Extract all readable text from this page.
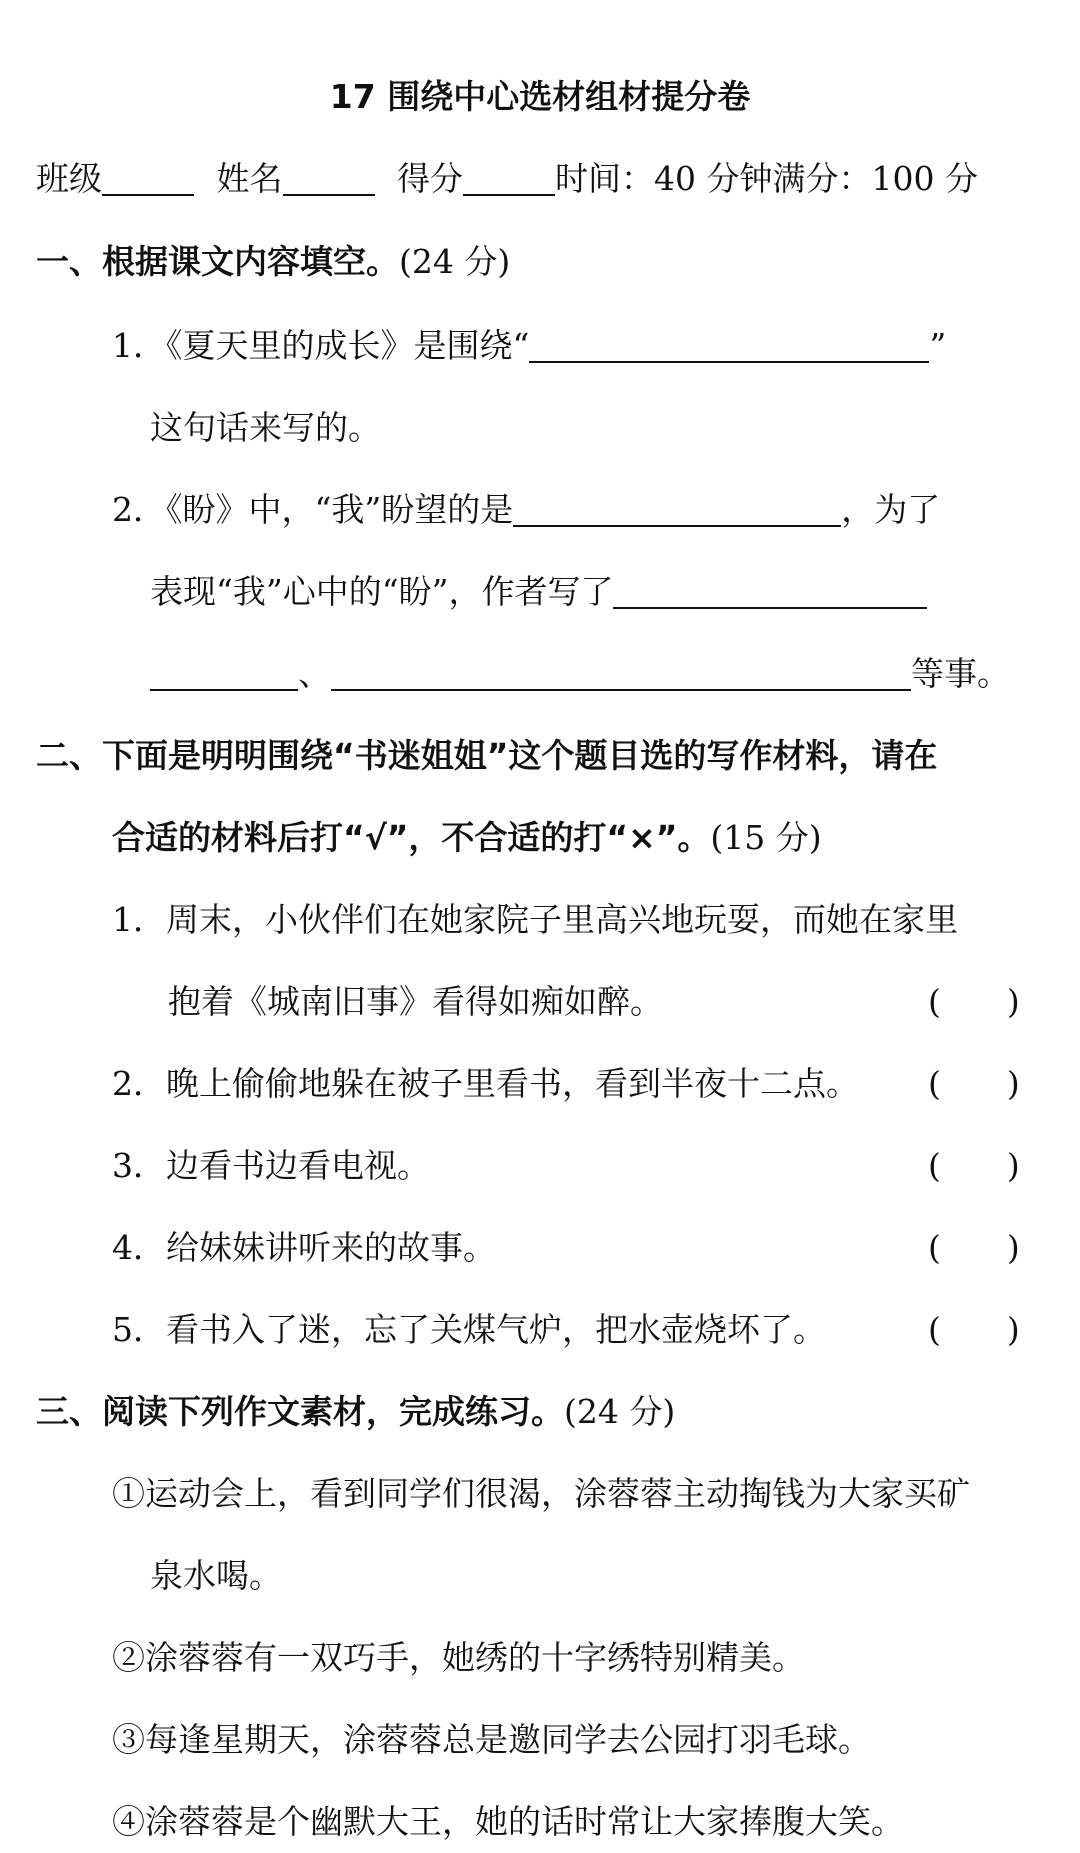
17 围绕中心选材组材提分卷
班级	姓名	得分	时间：40 分钟满分：100 分
一、根据课文内容填空。(24 分)
1．《夏天里的成长》是围绕“	”
这句话来写的。
2．《盼》中，“我”盼望的是	，为了
表现“我”心中的“盼”，作者写了
、	等事。
二、下面是明明围绕“书迷姐姐”这个题目选的写作材料，请在
合适的材料后打“√”，不合适的打“×”。(15 分)
1．周末，小伙伴们在她家院子里高兴地玩耍，而她在家里
抱着《城南旧事》看得如痴如醉。	(　　)
2．晚上偷偷地躲在被子里看书，看到半夜十二点。 (　　)
3．边看书边看电视。	(　　)
4．给妹妹讲听来的故事。	(　　)
5．看书入了迷，忘了关煤气炉，把水壶烧坏了。	(　　)
三、阅读下列作文素材，完成练习。(24 分)
①运动会上，看到同学们很渴，涂蓉蓉主动掏钱为大家买矿
泉水喝。
②涂蓉蓉有一双巧手，她绣的十字绣特别精美。
③每逢星期天，涂蓉蓉总是邀同学去公园打羽毛球。
④涂蓉蓉是个幽默大王，她的话时常让大家捧腹大笑。
